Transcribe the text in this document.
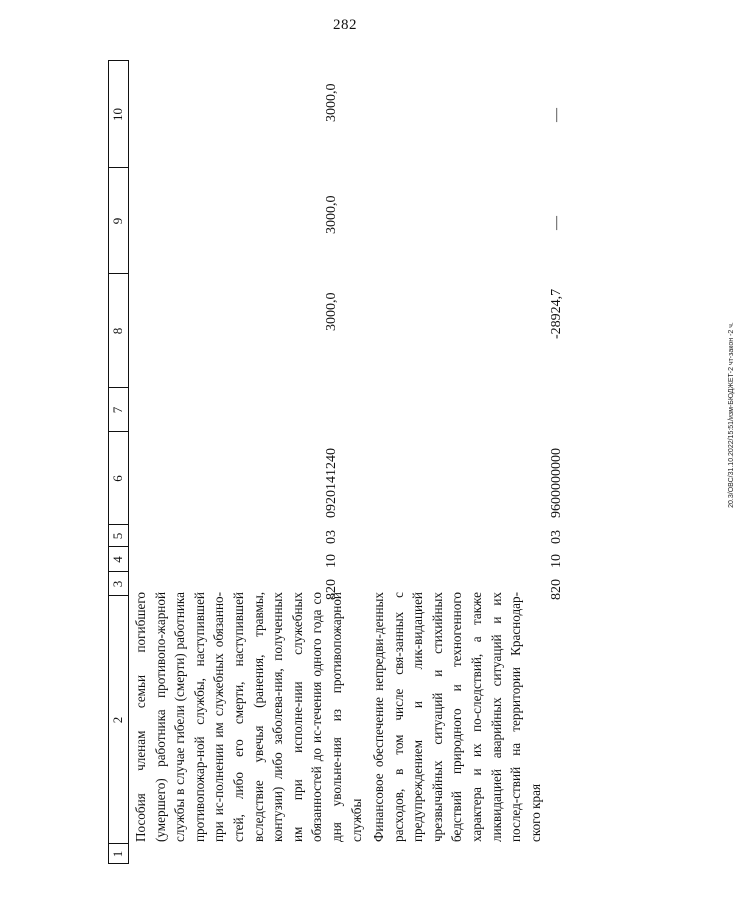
282
20.3/ОВС/31.10.2022/15:51/изм-БЮДЖЕТ-2 чт-закон -2 ч.
1
2
3
4
5
6
7
8
9
10
Пособия членам семьи погибшего (умершего) работника противопо-жарной службы в случае гибели (смерти) работника противопожар-ной службы, наступившей при ис-полнении им служебных обязанно-стей, либо его смерти, наступившей вследствие увечья (ранения, травмы, контузии) либо заболева-ния, полученных им при исполне-нии служебных обязанностей до ис-течения одного года со дня увольне-ния из противопожарной службы
820
10
03
0920141240
3000,0
3000,0
3000,0
Финансовое обеспечение непредви-денных расходов, в том числе свя-занных с предупреждением и лик-видацией чрезвычайных ситуаций и стихийных бедствий природного и техногенного характера и их по-следствий, а также ликвидацией аварийных ситуаций и их послед-ствий на территории Краснодар-ского края
820
10
03
9600000000
-28924,7
—
—
